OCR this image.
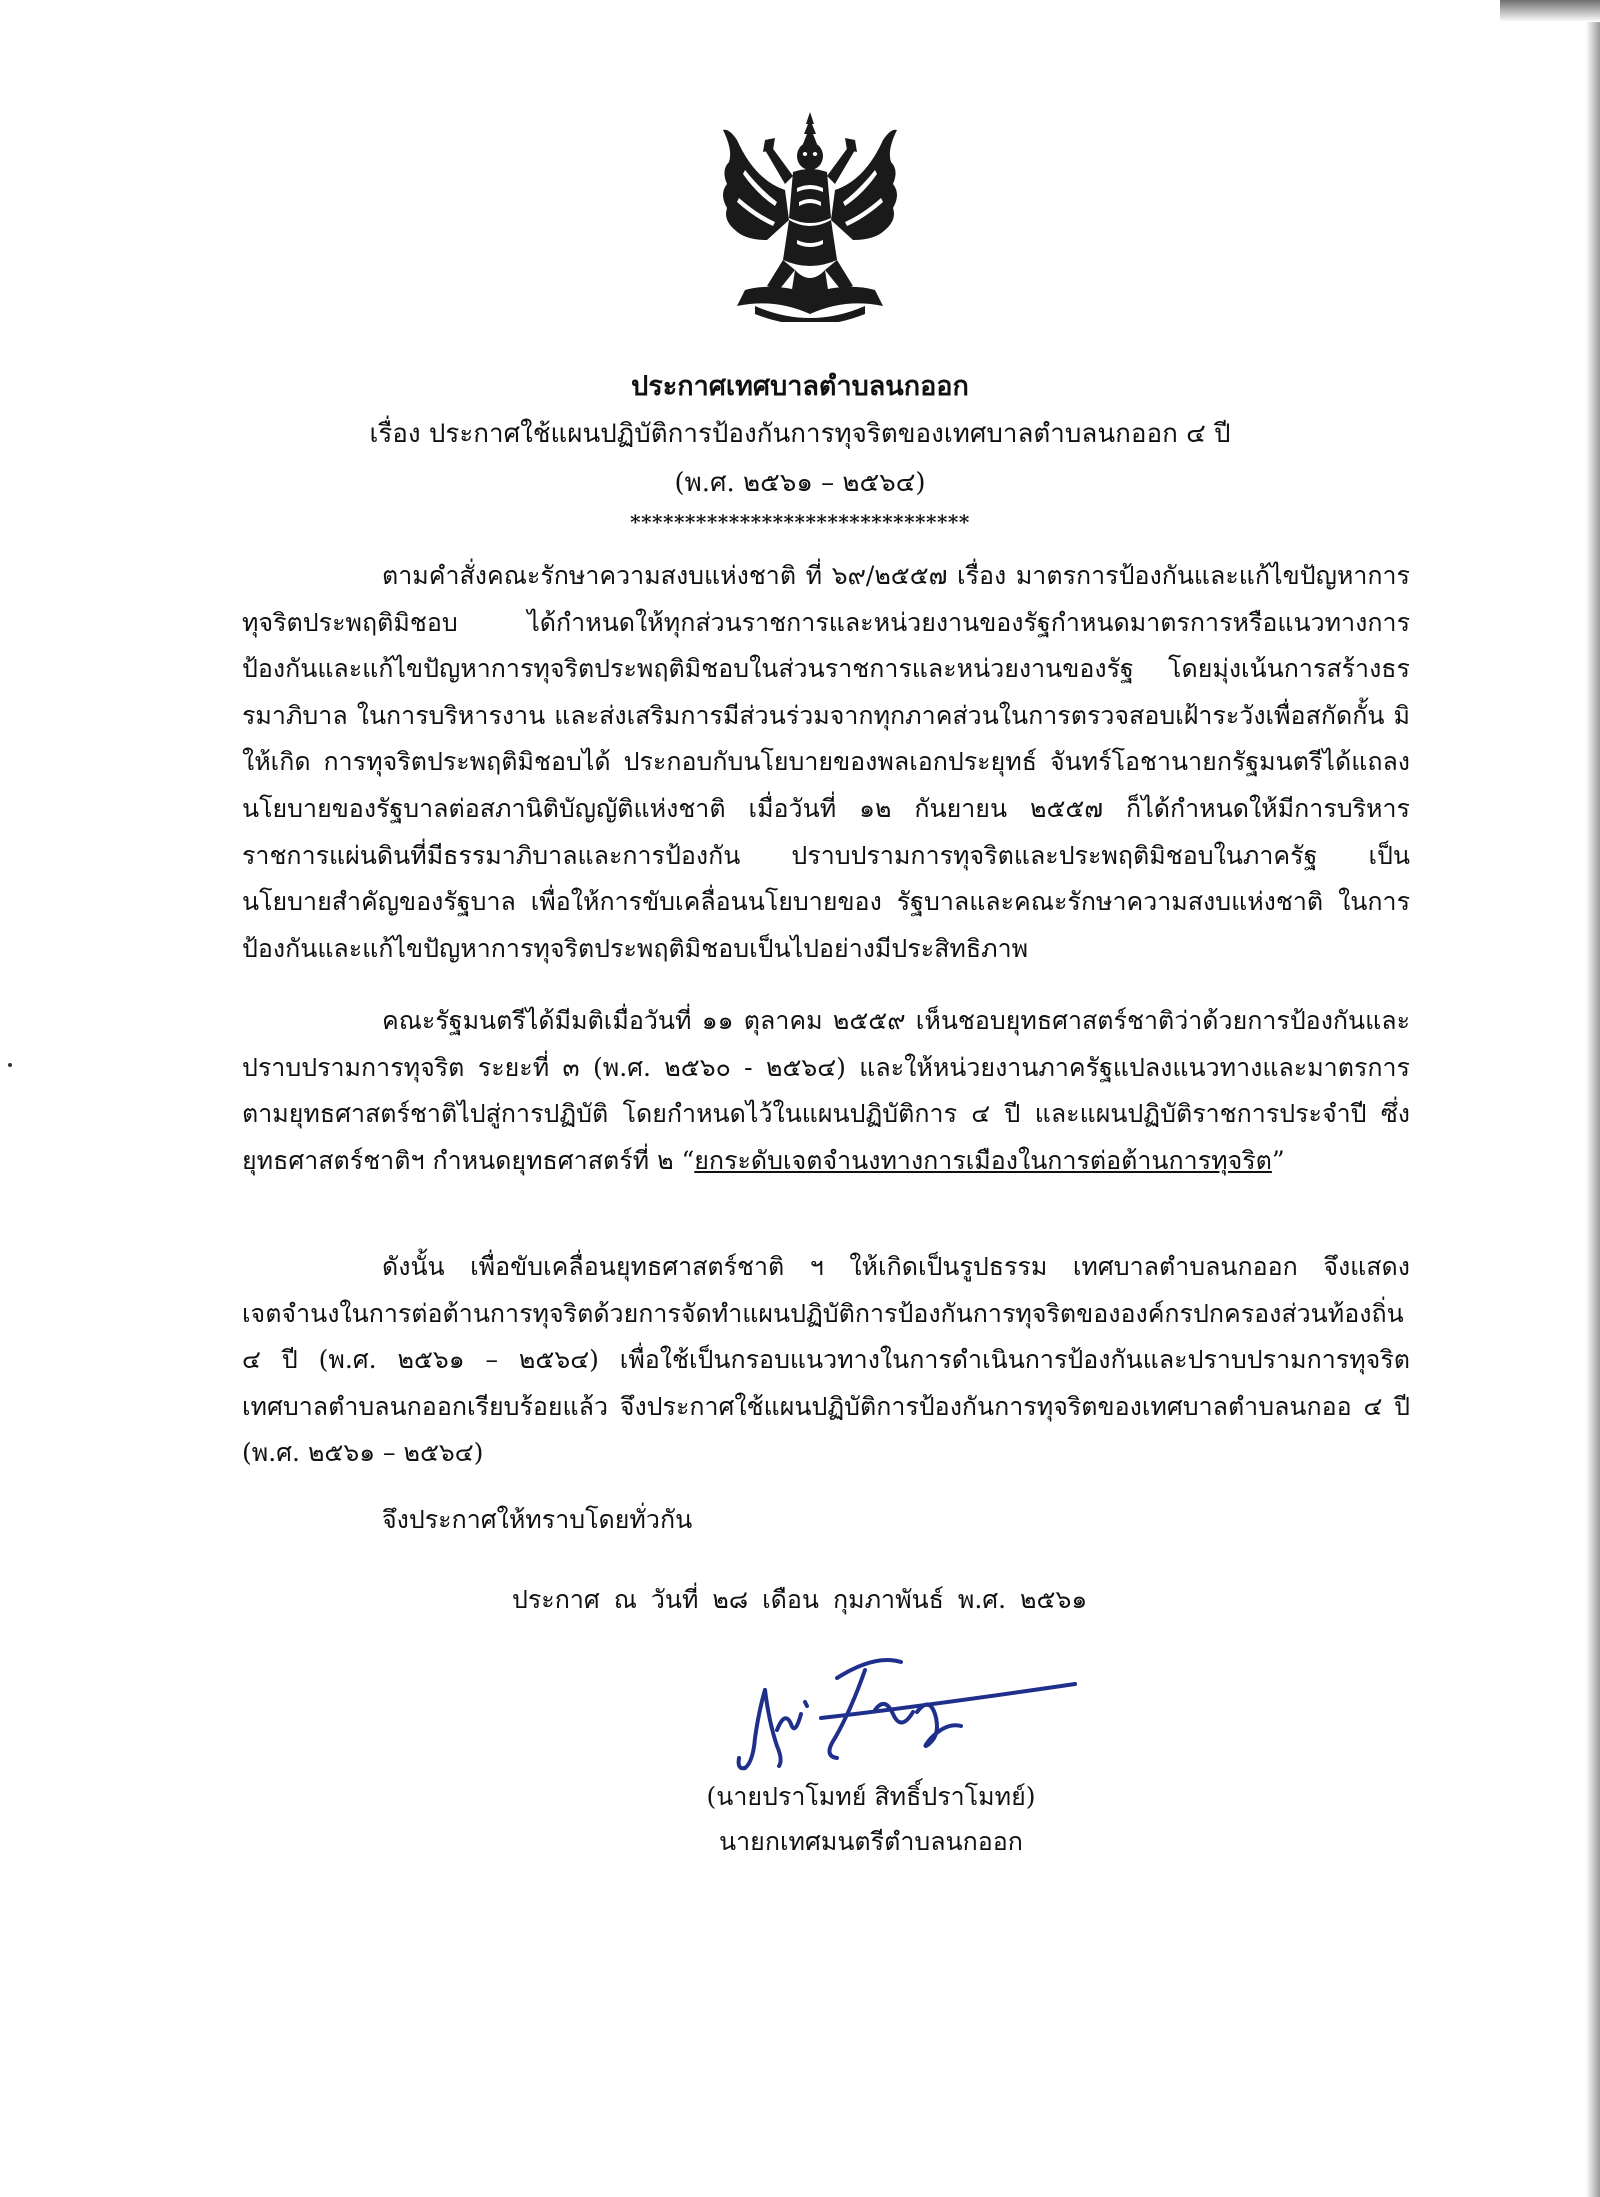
ประกาศเทศบาลตำบลนกออก
เรื่อง ประกาศใช้แผนปฏิบัติการป้องกันการทุจริตของเทศบาลตำบลนกออก ๔ ปี
(พ.ศ. ๒๕๖๑ – ๒๕๖๔)
*******************************

ตามคำสั่งคณะรักษาความสงบแห่งชาติ ที่ ๖๙/๒๕๕๗ เรื่อง มาตรการป้องกันและแก้ไขปัญหาการทุจริตประพฤติมิชอบ ได้กำหนดให้ทุกส่วนราชการและหน่วยงานของรัฐกำหนดมาตรการหรือแนวทางการป้องกันและแก้ไขปัญหาการทุจริตประพฤติมิชอบในส่วนราชการและหน่วยงานของรัฐ โดยมุ่งเน้นการสร้างธรรมาภิบาล ในการบริหารงาน และส่งเสริมการมีส่วนร่วมจากทุกภาคส่วนในการตรวจสอบเฝ้าระวังเพื่อสกัดกั้น มิให้เกิด การทุจริตประพฤติมิชอบได้ ประกอบกับนโยบายของพลเอกประยุทธ์ จันทร์โอชานายกรัฐมนตรีได้แถลงนโยบายของรัฐบาลต่อสภานิติบัญญัติแห่งชาติ เมื่อวันที่ ๑๒ กันยายน ๒๕๕๗ ก็ได้กำหนดให้มีการบริหารราชการแผ่นดินที่มีธรรมาภิบาลและการป้องกัน ปราบปรามการทุจริตและประพฤติมิชอบในภาครัฐ เป็นนโยบายสำคัญของรัฐบาล เพื่อให้การขับเคลื่อนนโยบายของ รัฐบาลและคณะรักษาความสงบแห่งชาติ ในการป้องกันและแก้ไขปัญหาการทุจริตประพฤติมิชอบเป็นไปอย่างมีประสิทธิภาพ

คณะรัฐมนตรีได้มีมติเมื่อวันที่ ๑๑ ตุลาคม ๒๕๕๙ เห็นชอบยุทธศาสตร์ชาติว่าด้วยการป้องกันและปราบปรามการทุจริต ระยะที่ ๓ (พ.ศ. ๒๕๖๐ - ๒๕๖๔) และให้หน่วยงานภาครัฐแปลงแนวทางและมาตรการตามยุทธศาสตร์ชาติไปสู่การปฏิบัติ โดยกำหนดไว้ในแผนปฏิบัติการ ๔ ปี และแผนปฏิบัติราชการประจำปี ซึ่งยุทธศาสตร์ชาติฯ กำหนดยุทธศาสตร์ที่ ๒ “ยกระดับเจตจำนงทางการเมืองในการต่อต้านการทุจริต”

ดังนั้น เพื่อขับเคลื่อนยุทธศาสตร์ชาติ ฯ ให้เกิดเป็นรูปธรรม เทศบาลตำบลนกออก จึงแสดงเจตจำนงในการต่อต้านการทุจริตด้วยการจัดทำแผนปฏิบัติการป้องกันการทุจริตขององค์กรปกครองส่วนท้องถิ่น ๔ ปี (พ.ศ. ๒๕๖๑ – ๒๕๖๔) เพื่อใช้เป็นกรอบแนวทางในการดำเนินการป้องกันและปราบปรามการทุจริต เทศบาลตำบลนกออกเรียบร้อยแล้ว จึงประกาศใช้แผนปฏิบัติการป้องกันการทุจริตของเทศบาลตำบลนกออ ๔ ปี (พ.ศ. ๒๕๖๑ – ๒๕๖๔)

จึงประกาศให้ทราบโดยทั่วกัน
ประกาศ ณ วันที่ ๒๘ เดือน กุมภาพันธ์ พ.ศ. ๒๕๖๑
(นายปราโมทย์ สิทธิ์ปราโมทย์)
นายกเทศมนตรีตำบลนกออก
